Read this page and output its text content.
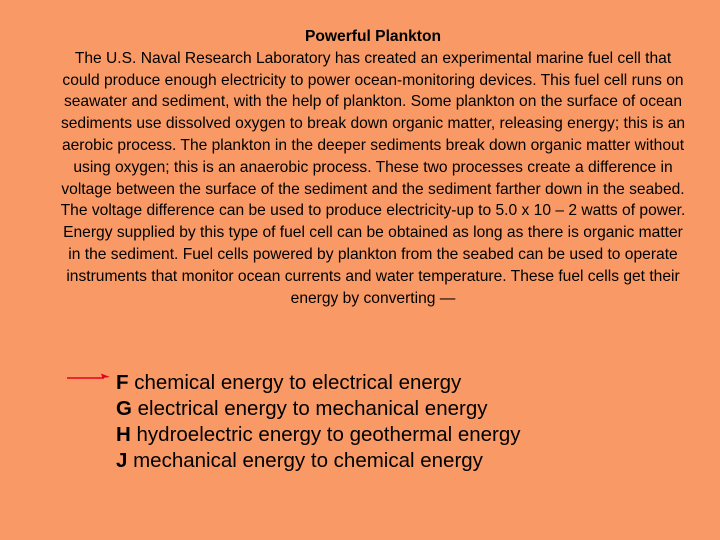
Powerful Plankton

The U.S. Naval Research Laboratory has created an experimental marine fuel cell that could produce enough electricity to power ocean-monitoring devices. This fuel cell runs on seawater and sediment, with the help of plankton. Some plankton on the surface of ocean sediments use dissolved oxygen to break down organic matter, releasing energy; this is an aerobic process. The plankton in the deeper sediments break down organic matter without using oxygen; this is an anaerobic process. These two processes create a difference in voltage between the surface of the sediment and the sediment farther down in the seabed. The voltage difference can be used to produce electricity-up to 5.0 x 10 – 2 watts of power. Energy supplied by this type of fuel cell can be obtained as long as there is organic matter in the sediment. Fuel cells powered by plankton from the seabed can be used to operate instruments that monitor ocean currents and water temperature. These fuel cells get their energy by converting —

F chemical energy to electrical energy
G electrical energy to mechanical energy
H hydroelectric energy to geothermal energy
J mechanical energy to chemical energy
